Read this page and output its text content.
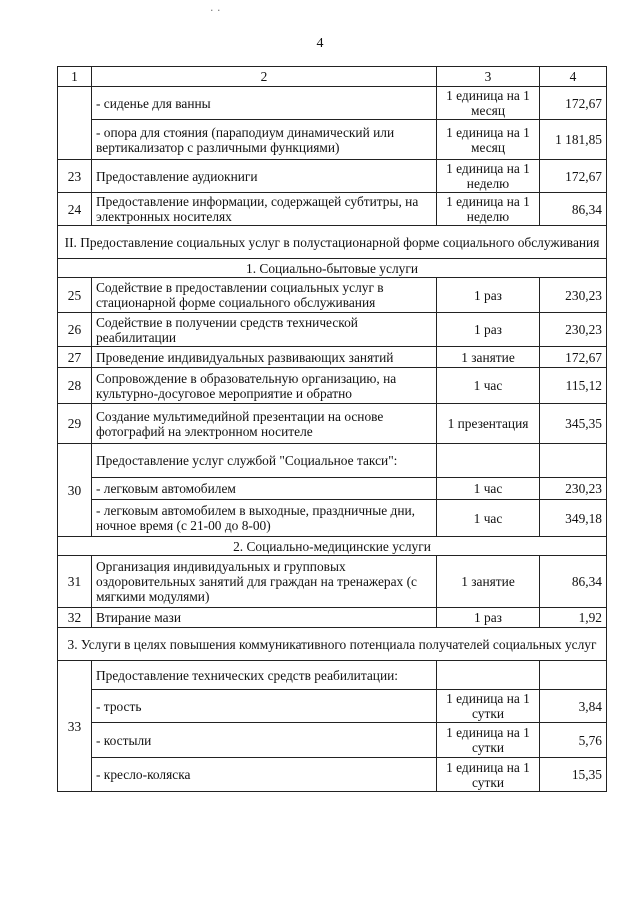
· ·
4
1	2	3	4
	- сиденье для ванны	1 единица на 1 месяц	172,67
	- опора для стояния (параподиум динамический или вертикализатор с различными функциями)	1 единица на 1 месяц	1 181,85
23	Предоставление аудиокниги	1 единица на 1 неделю	172,67
24	Предоставление информации, содержащей субтитры, на электронных носителях	1 единица на 1 неделю	86,34
II. Предоставление социальных услуг в полустационарной форме социального обслуживания			
1. Социально-бытовые услуги			
25	Содействие в предоставлении социальных услуг в стационарной форме социального обслуживания	1 раз	230,23
26	Содействие в получении средств технической реабилитации	1 раз	230,23
27	Проведение индивидуальных развивающих занятий	1 занятие	172,67
28	Сопровождение в образовательную организацию, на культурно-досуговое мероприятие и обратно	1 час	115,12
29	Создание мультимедийной презентации на основе фотографий на электронном носителе	1 презентация	345,35
30	Предоставление услуг службой "Социальное такси":		
	- легковым автомобилем	1 час	230,23
	- легковым автомобилем в выходные, праздничные дни, ночное время (с 21-00 до 8-00)	1 час	349,18
2. Социально-медицинские услуги			
31	Организация индивидуальных и групповых оздоровительных занятий для граждан на тренажерах (с мягкими модулями)	1 занятие	86,34
32	Втирание мази	1 раз	1,92
3. Услуги в целях повышения коммуникативного потенциала получателей социальных услуг			
33	Предоставление технических средств реабилитации:		
	- трость	1 единица на 1 сутки	3,84
	- костыли	1 единица на 1 сутки	5,76
	- кресло-коляска	1 единица на 1 сутки	15,35
